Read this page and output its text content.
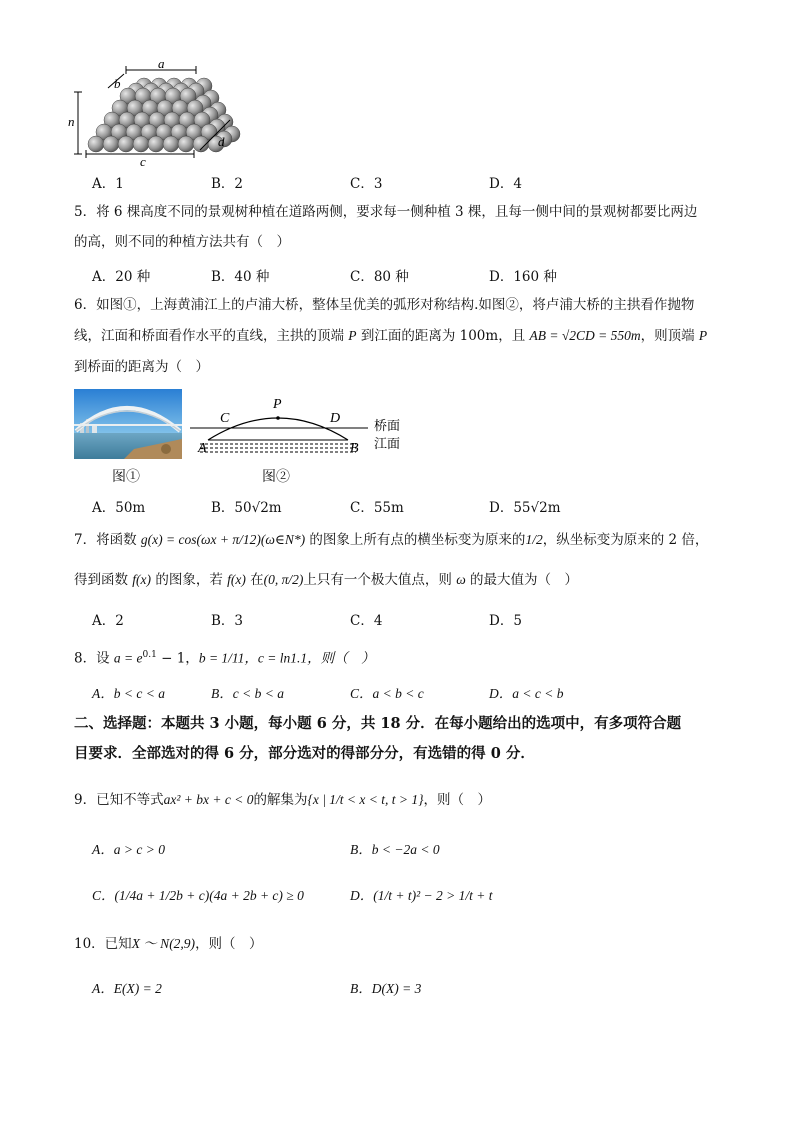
a
b
n
c
d
A．1	B．2	C．3	D．4
5．将 6 棵高度不同的景观树种植在道路两侧，要求每一侧种植 3 棵，且每一侧中间的景观树都要比两边
的高，则不同的种植方法共有（　）
A．20 种	B．40 种	C．80 种	D．160 种
6．如图①，上海黄浦江上的卢浦大桥，整体呈优美的弧形对称结构.如图②，将卢浦大桥的主拱看作抛物
线，江面和桥面看作水平的直线，主拱的顶端 P 到江面的距离为 100m，且 AB = √2CD = 550m，则顶端 P
到桥面的距离为（　）
图①
P
C	D
A	B
桥面
江面
图②
A．50m	B．50√2m	C．55m	D．55√2m
7．将函数 g(x) = cos(ωx + π/12)(ω∈N*) 的图象上所有点的横坐标变为原来的1/2，纵坐标变为原来的 2 倍，
得到函数 f(x) 的图象，若 f(x) 在(0, π/2)上只有一个极大值点，则 ω 的最大值为（　）
A．2	B．3	C．4	D．5
8．设 $a = e^{0.1} - 1$，b = 1/11，c = ln1.1，则（　）
A．b < c < a	B．c < b < a	C．a < b < c	D．a < c < b
二、选择题：本题共 3 小题，每小题 6 分，共 18 分．在每小题给出的选项中，有多项符合题
目要求．全部选对的得 6 分，部分选对的得部分分，有选错的得 0 分．
9．已知不等式ax² + bx + c < 0的解集为{x | 1/t < x < t, t > 1}，则（　）
A．a > c > 0	B．b < −2a < 0
C．(1/4a + 1/2b + c)(4a + 2b + c) ≥ 0	D．(1/t + t)² − 2 > 1/t + t
10．已知X ～ N(2,9)，则（　）
A．E(X) = 2	B．D(X) = 3
